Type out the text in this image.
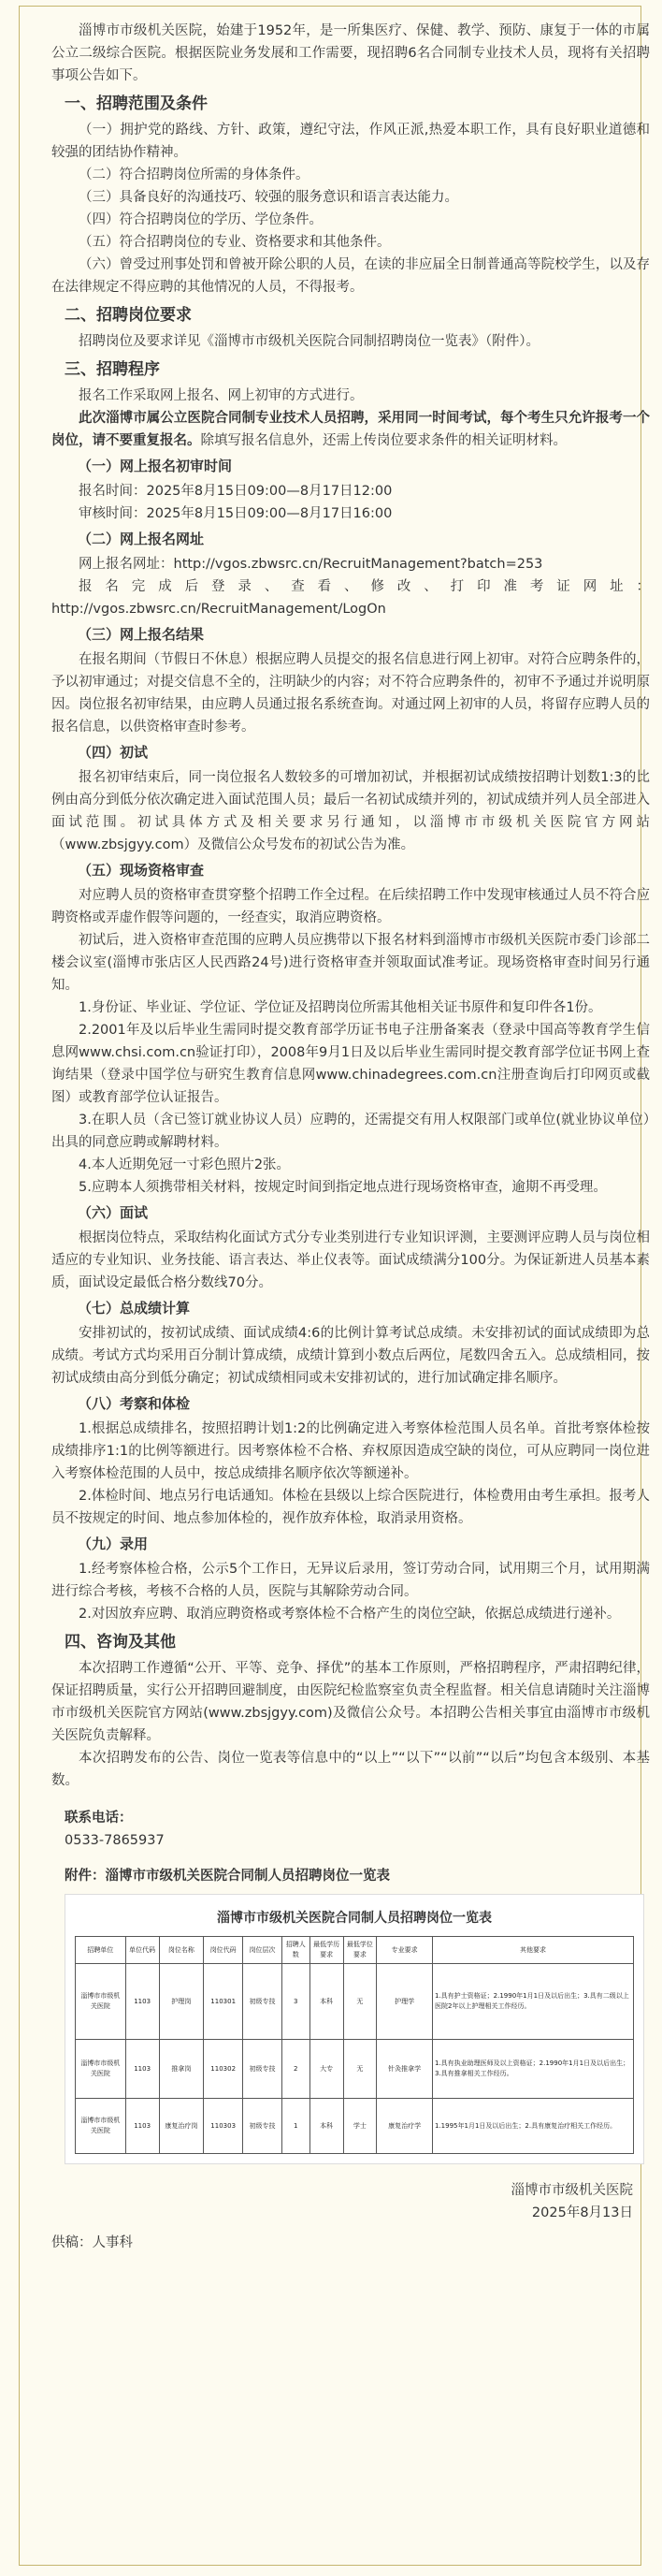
淄博市市级机关医院，始建于1952年，是一所集医疗、保健、教学、预防、康复于一体的市属公立二级综合医院。根据医院业务发展和工作需要，现招聘6名合同制专业技术人员，现将有关招聘事项公告如下。

一、招聘范围及条件

（一）拥护党的路线、方针、政策，遵纪守法，作风正派,热爱本职工作，具有良好职业道德和较强的团结协作精神。

（二）符合招聘岗位所需的身体条件。

（三）具备良好的沟通技巧、较强的服务意识和语言表达能力。

（四）符合招聘岗位的学历、学位条件。

（五）符合招聘岗位的专业、资格要求和其他条件。

（六）曾受过刑事处罚和曾被开除公职的人员，在读的非应届全日制普通高等院校学生，以及存在法律规定不得应聘的其他情况的人员，不得报考。

二、招聘岗位要求

招聘岗位及要求详见《淄博市市级机关医院合同制招聘岗位一览表》（附件）。

三、招聘程序

报名工作采取网上报名、网上初审的方式进行。

此次淄博市属公立医院合同制专业技术人员招聘，采用同一时间考试，每个考生只允许报考一个岗位，请不要重复报名。除填写报名信息外，还需上传岗位要求条件的相关证明材料。

（一）网上报名初审时间

报名时间：2025年8月15日09:00—8月17日12:00

审核时间：2025年8月15日09:00—8月17日16:00

（二）网上报名网址

网上报名网址：http://vgos.zbwsrc.cn/RecruitManagement?batch=253

报名完成后登录、查看、修改、打印准考证网址：http://vgos.zbwsrc.cn/RecruitManagement/LogOn

（三）网上报名结果

在报名期间（节假日不休息）根据应聘人员提交的报名信息进行网上初审。对符合应聘条件的，予以初审通过；对提交信息不全的，注明缺少的内容；对不符合应聘条件的，初审不予通过并说明原因。岗位报名初审结果，由应聘人员通过报名系统查询。对通过网上初审的人员，将留存应聘人员的报名信息，以供资格审查时参考。

（四）初试

报名初审结束后，同一岗位报名人数较多的可增加初试，并根据初试成绩按招聘计划数1:3的比例由高分到低分依次确定进入面试范围人员；最后一名初试成绩并列的，初试成绩并列人员全部进入面试范围。初试具体方式及相关要求另行通知，以淄博市市级机关医院官方网站（www.zbsjgyy.com）及微信公众号发布的初试公告为准。

（五）现场资格审查

对应聘人员的资格审查贯穿整个招聘工作全过程。在后续招聘工作中发现审核通过人员不符合应聘资格或弄虚作假等问题的，一经查实，取消应聘资格。

初试后，进入资格审查范围的应聘人员应携带以下报名材料到淄博市市级机关医院市委门诊部二楼会议室(淄博市张店区人民西路24号)进行资格审查并领取面试准考证。现场资格审查时间另行通知。

1.身份证、毕业证、学位证、学位证及招聘岗位所需其他相关证书原件和复印件各1份。

2.2001年及以后毕业生需同时提交教育部学历证书电子注册备案表（登录中国高等教育学生信息网www.chsi.com.cn验证打印），2008年9月1日及以后毕业生需同时提交教育部学位证书网上查询结果（登录中国学位与研究生教育信息网www.chinadegrees.com.cn注册查询后打印网页或截图）或教育部学位认证报告。

3.在职人员（含已签订就业协议人员）应聘的，还需提交有用人权限部门或单位(就业协议单位）出具的同意应聘或解聘材料。

4.本人近期免冠一寸彩色照片2张。

5.应聘本人须携带相关材料，按规定时间到指定地点进行现场资格审查，逾期不再受理。

（六）面试

根据岗位特点，采取结构化面试方式分专业类别进行专业知识评测，主要测评应聘人员与岗位相适应的专业知识、业务技能、语言表达、举止仪表等。面试成绩满分100分。为保证新进人员基本素质，面试设定最低合格分数线70分。

（七）总成绩计算

安排初试的，按初试成绩、面试成绩4:6的比例计算考试总成绩。未安排初试的面试成绩即为总成绩。考试方式均采用百分制计算成绩，成绩计算到小数点后两位，尾数四舍五入。总成绩相同，按初试成绩由高分到低分确定；初试成绩相同或未安排初试的，进行加试确定排名顺序。

（八）考察和体检

1.根据总成绩排名，按照招聘计划1:2的比例确定进入考察体检范围人员名单。首批考察体检按成绩排序1:1的比例等额进行。因考察体检不合格、弃权原因造成空缺的岗位，可从应聘同一岗位进入考察体检范围的人员中，按总成绩排名顺序依次等额递补。

2.体检时间、地点另行电话通知。体检在县级以上综合医院进行，体检费用由考生承担。报考人员不按规定的时间、地点参加体检的，视作放弃体检，取消录用资格。

（九）录用

1.经考察体检合格，公示5个工作日，无异议后录用，签订劳动合同，试用期三个月，试用期满进行综合考核，考核不合格的人员，医院与其解除劳动合同。

2.对因放弃应聘、取消应聘资格或考察体检不合格产生的岗位空缺，依据总成绩进行递补。

四、咨询及其他

本次招聘工作遵循“公开、平等、竞争、择优”的基本工作原则，严格招聘程序，严肃招聘纪律，保证招聘质量，实行公开招聘回避制度，由医院纪检监察室负责全程监督。相关信息请随时关注淄博市市级机关医院官方网站(www.zbsjgyy.com)及微信公众号。本招聘公告相关事宜由淄博市市级机关医院负责解释。

本次招聘发布的公告、岗位一览表等信息中的“以上”“以下”“以前”“以后”均包含本级别、本基数。

联系电话：
0533-7865937
附件：淄博市市级机关医院合同制人员招聘岗位一览表
淄博市市级机关医院合同制人员招聘岗位一览表
招聘单位	单位代码	岗位名称	岗位代码	岗位层次	招聘人数	最低学历要求	最低学位要求	专业要求	其他要求
淄博市市级机关医院	1103	护理岗	110301	初级专技	3	本科	无	护理学	1.具有护士资格证；2.1990年1月1日及以后出生；3.具有二级以上医院2年以上护理相关工作经历。
淄博市市级机关医院	1103	推拿岗	110302	初级专技	2	大专	无	针灸推拿学	1.具有执业助理医师及以上资格证；2.1990年1月1日及以后出生；3.具有推拿相关工作经历。
淄博市市级机关医院	1103	康复治疗岗	110303	初级专技	1	本科	学士	康复治疗学	1.1995年1月1日及以后出生；2.具有康复治疗相关工作经历。
淄博市市级机关医院
2025年8月13日

供稿：人事科
